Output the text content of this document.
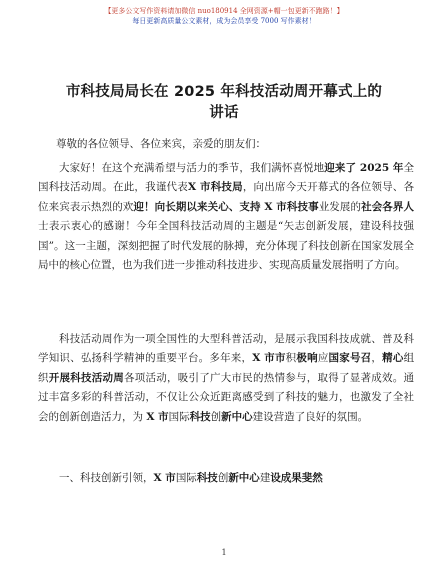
【更多公文写作资料请加微信 nuo180914 全网资源+帽一包更新不跑路！】
每日更新高质量公文素材，成为会员享受 7000 写作素材！
市科技局局长在 2025 年科技活动周开幕式上的
讲话
尊敬的各位领导、各位来宾，亲爱的朋友们：
大家好！在这个充满希望与活力的季节，我们满怀喜悦地迎来了 2025 年全国科技活动周。在此，我谨代表X 市科技局，向出席今天开幕式的各位领导、各位来宾表示热烈的欢迎！向长期以来关心、支持 X 市科技事业发展的社会各界人士表示衷心的感谢！今年全国科技活动周的主题是“矢志创新发展，建设科技强国”。这一主题，深刻把握了时代发展的脉搏，充分体现了科技创新在国家发展全局中的核心位置，也为我们进一步推动科技进步、实现高质量发展指明了方向。
科技活动周作为一项全国性的大型科普活动，是展示我国科技成就、普及科学知识、弘扬科学精神的重要平台。多年来，X 市市积极响应国家号召，精心组织开展科技活动周各项活动，吸引了广大市民的热情参与，取得了显著成效。通过丰富多彩的科普活动，不仅让公众近距离感受到了科技的魅力，也激发了全社会的创新创造活力，为 X 市国际科技创新中心建设营造了良好的氛围。
一、科技创新引领，X 市国际科技创新中心建设成果斐然
1
